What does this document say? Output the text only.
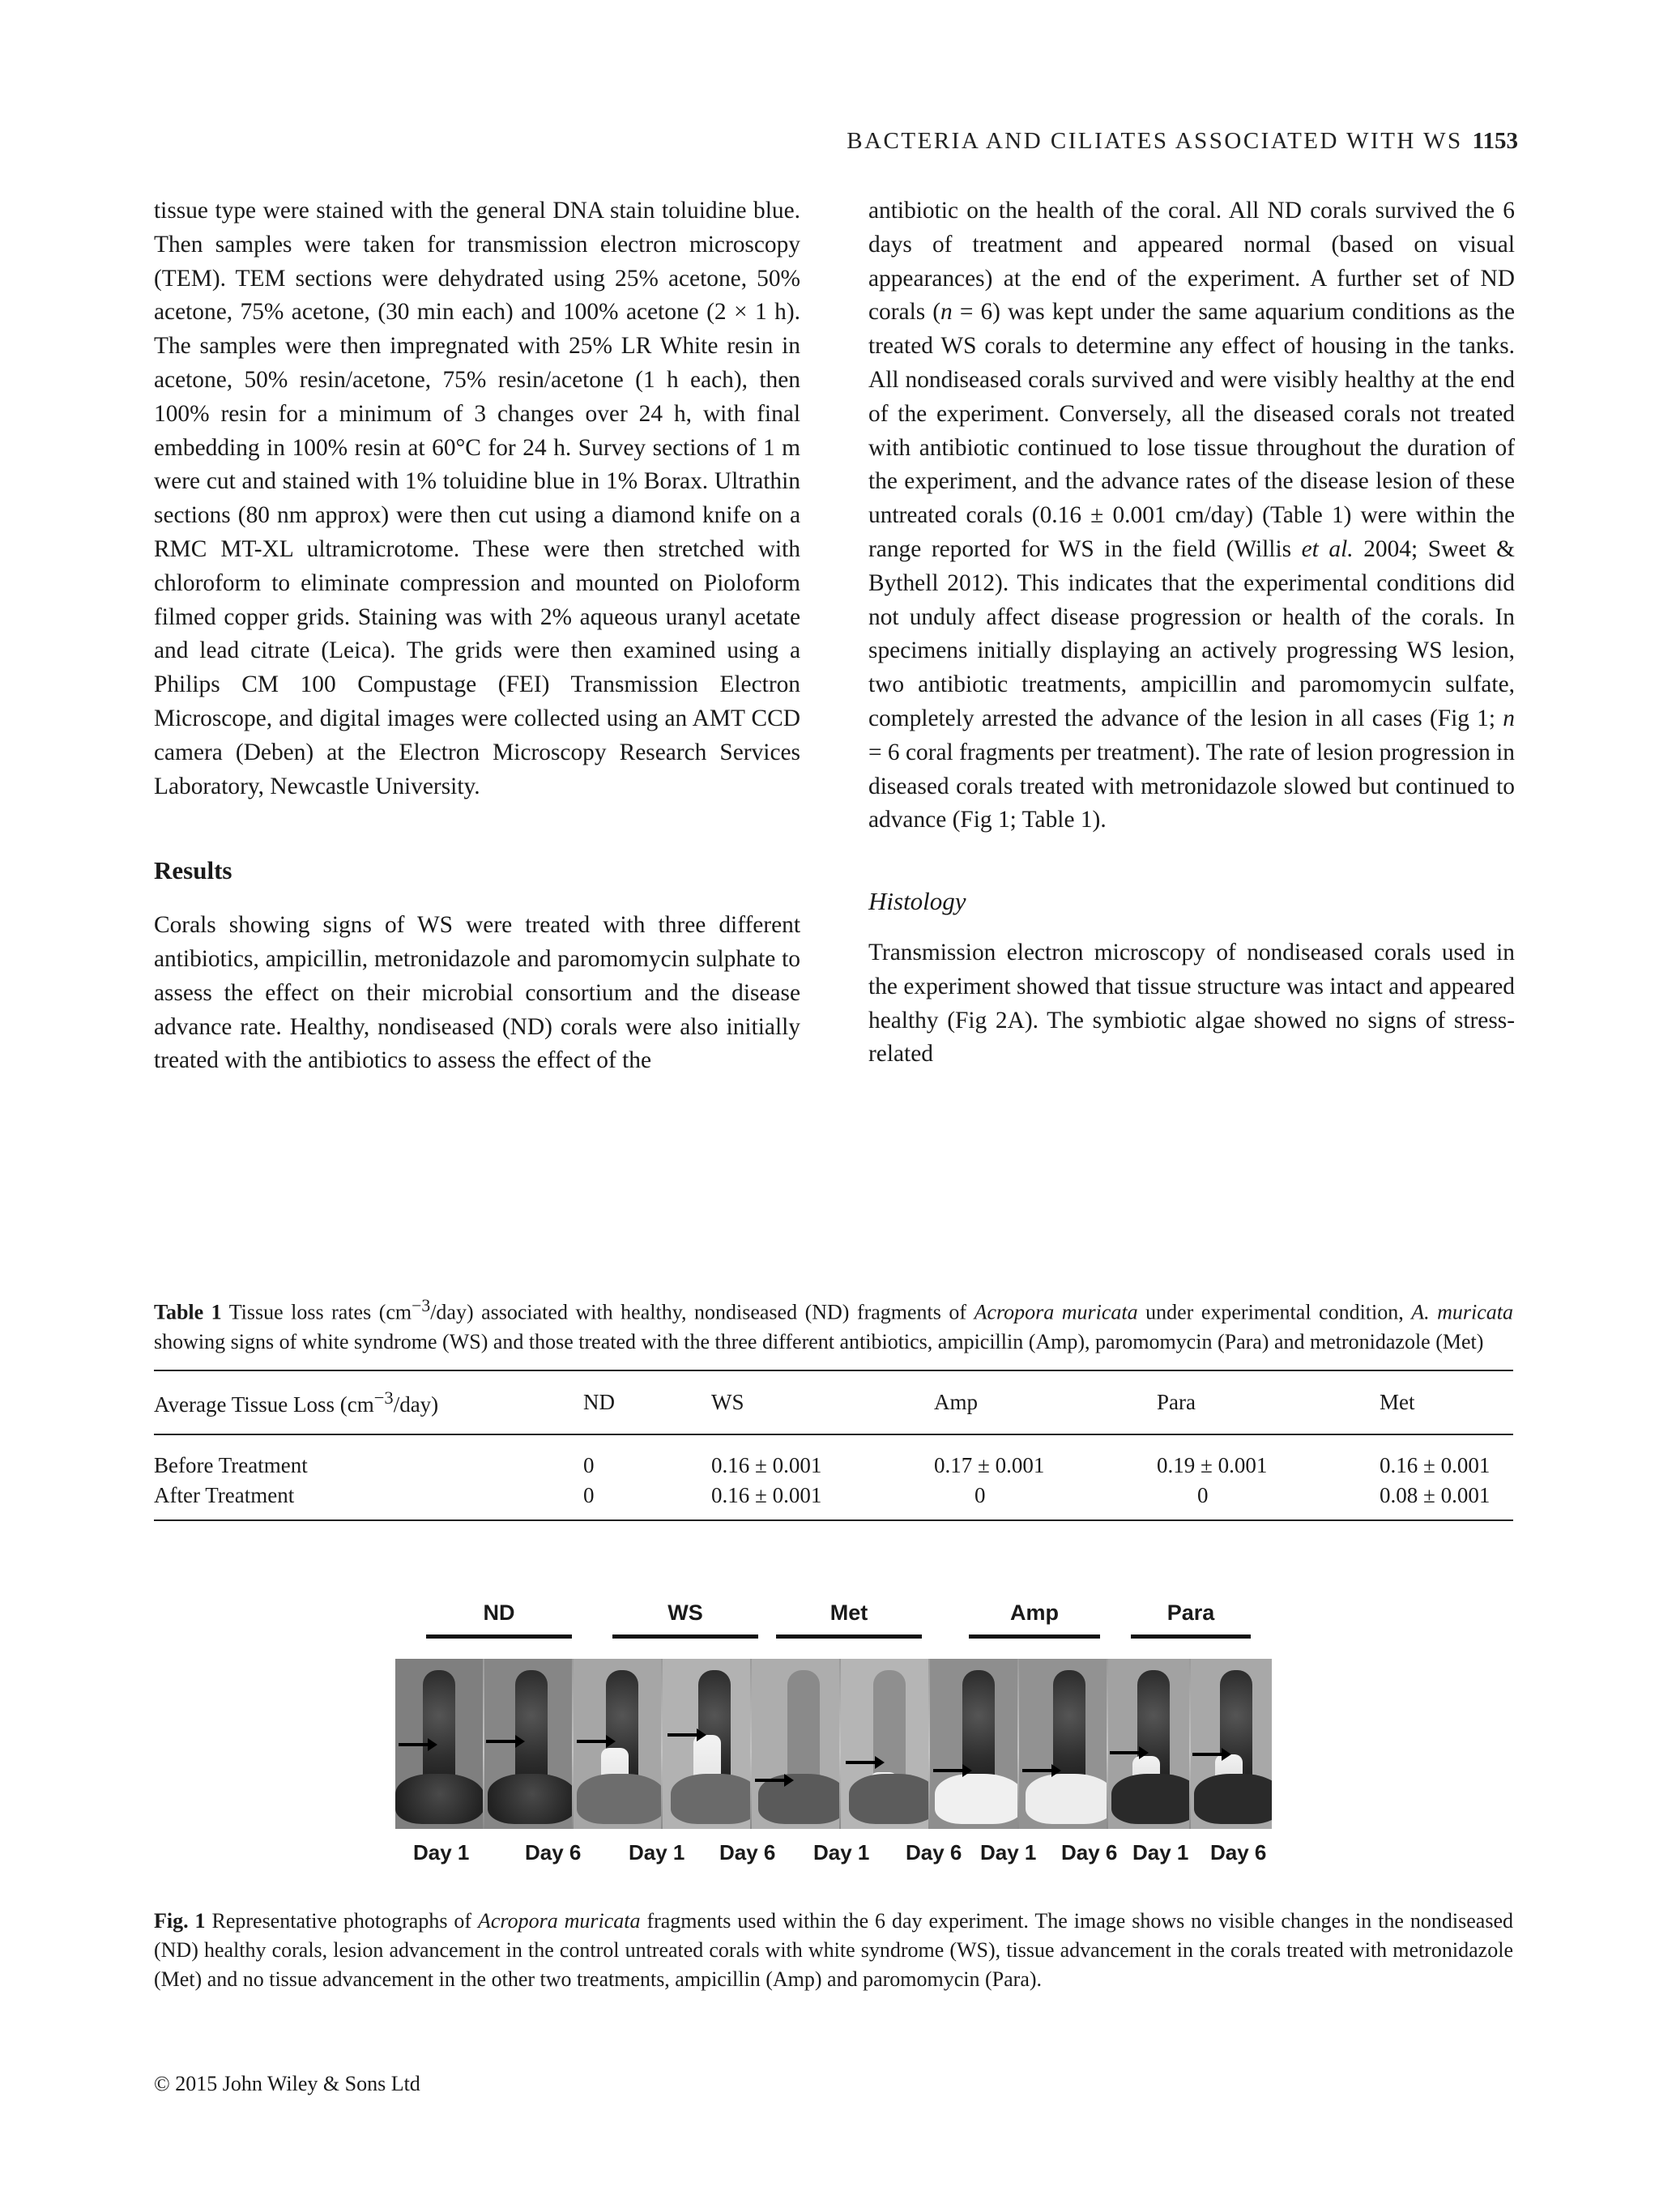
BACTERIA AND CILIATES ASSOCIATED WITH WS 1153

tissue type were stained with the general DNA stain toluidine blue. Then samples were taken for transmission electron microscopy (TEM). TEM sections were dehydrated using 25% acetone, 50% acetone, 75% acetone, (30 min each) and 100% acetone (2 × 1 h). The samples were then impregnated with 25% LR White resin in acetone, 50% resin/acetone, 75% resin/acetone (1 h each), then 100% resin for a minimum of 3 changes over 24 h, with final embedding in 100% resin at 60°C for 24 h. Survey sections of 1 m were cut and stained with 1% toluidine blue in 1% Borax. Ultrathin sections (80 nm approx) were then cut using a diamond knife on a RMC MT-XL ultramicrotome. These were then stretched with chloroform to eliminate compression and mounted on Pioloform filmed copper grids. Staining was with 2% aqueous uranyl acetate and lead citrate (Leica). The grids were then examined using a Philips CM 100 Compustage (FEI) Transmission Electron Microscope, and digital images were collected using an AMT CCD camera (Deben) at the Electron Microscopy Research Services Laboratory, Newcastle University.

Results

Corals showing signs of WS were treated with three different antibiotics, ampicillin, metronidazole and paromomycin sulphate to assess the effect on their microbial consortium and the disease advance rate. Healthy, nondiseased (ND) corals were also initially treated with the antibiotics to assess the effect of the

antibiotic on the health of the coral. All ND corals survived the 6 days of treatment and appeared normal (based on visual appearances) at the end of the experiment. A further set of ND corals (n = 6) was kept under the same aquarium conditions as the treated WS corals to determine any effect of housing in the tanks. All nondiseased corals survived and were visibly healthy at the end of the experiment. Conversely, all the diseased corals not treated with antibiotic continued to lose tissue throughout the duration of the experiment, and the advance rates of the disease lesion of these untreated corals (0.16 ± 0.001 cm/day) (Table 1) were within the range reported for WS in the field (Willis et al. 2004; Sweet & Bythell 2012). This indicates that the experimental conditions did not unduly affect disease progression or health of the corals. In specimens initially displaying an actively progressing WS lesion, two antibiotic treatments, ampicillin and paromomycin sulfate, completely arrested the advance of the lesion in all cases (Fig 1; n = 6 coral fragments per treatment). The rate of lesion progression in diseased corals treated with metronidazole slowed but continued to advance (Fig 1; Table 1).

Histology

Transmission electron microscopy of nondiseased corals used in the experiment showed that tissue structure was intact and appeared healthy (Fig 2A). The symbiotic algae showed no signs of stress-related

Table 1 Tissue loss rates $(cm^{-3}/day)$ associated with healthy, nondiseased (ND) fragments of Acropora muricata under experimental condition, A. muricata showing signs of white syndrome (WS) and those treated with the three different antibiotics, ampicillin (Amp), paromomycin (Para) and metronidazole (Met)

Average Tissue Loss $(cm^{-3}/day)$	ND	WS	Amp	Para	Met
Before Treatment	0	0.16 ± 0.001	0.17 ± 0.001	0.19 ± 0.001	0.16 ± 0.001
After Treatment	0	0.16 ± 0.001	0	0	0.08 ± 0.001
ND	WS	Met	Amp	Para
Day 1	Day 6 Day 1 Day 6 Day 1 Day 6 Day 1 Day 6 Day 1 Day 6

Fig. 1 Representative photographs of Acropora muricata fragments used within the 6 day experiment. The image shows no visible changes in the nondiseased (ND) healthy corals, lesion advancement in the control untreated corals with white syndrome (WS), tissue advancement in the corals treated with metronidazole (Met) and no tissue advancement in the other two treatments, ampicillin (Amp) and paromomycin (Para).

© 2015 John Wiley & Sons Ltd
